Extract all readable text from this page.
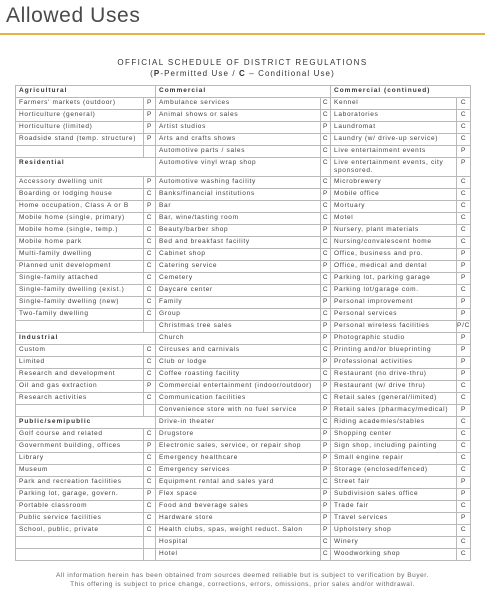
Allowed Uses
OFFICIAL SCHEDULE OF DISTRICT REGULATIONS
(P-Permitted Use / C – Conditional Use)
Agricultural		Commercial		Commercial (continued)	
Farmers' markets (outdoor)	P	Ambulance services	C	Kennel	C
Horticulture (general)	P	Animal shows or sales	C	Laboratories	C
Horticulture (limited)	P	Artist studios	P	Laundromat	C
Roadside stand (temp. structure)	P	Arts and crafts shows	C	Laundry (w/ drive-up service)	C
		Automotive parts / sales	C	Live entertainment events	P
Residential		Automotive vinyl wrap shop	C	Live entertainment events, city sponsored.	P
Accessory dwelling unit	P	Automotive washing facility	C	Microbrewery	C
Boarding or lodging house	C	Banks/financial institutions	P	Mobile office	C
Home occupation, Class A or B	P	Bar	C	Mortuary	C
Mobile home (single, primary)	C	Bar, wine/tasting room	C	Motel	C
Mobile home (single, temp.)	C	Beauty/barber shop	P	Nursery, plant materials	C
Mobile home park	C	Bed and breakfast facility	C	Nursing/convalescent home	C
Multi-family dwelling	C	Cabinet shop	C	Office, business and pro.	P
Planned unit development	C	Catering service	P	Office, medical and dental	P
Single-family attached	C	Cemetery	C	Parking lot, parking garage	P
Single-family dwelling (exist.)	C	Daycare center	C	Parking lot/garage com.	C
Single-family dwelling (new)	C	Family	P	Personal improvement	P
Two-family dwelling	C	Group	C	Personal services	P
		Christmas tree sales	P	Personal wireless facilities	P/C
Industrial		Church	P	Photographic studio	P
Custom	C	Circuses and carnivals	C	Printing and/or blueprinting	P
Limited	C	Club or lodge	P	Professional activities	P
Research and development	C	Coffee roasting facility	C	Restaurant (no drive-thru)	P
Oil and gas extraction	P	Commercial entertainment (indoor/outdoor)	P	Restaurant (w/ drive thru)	C
Research activities	C	Communication facilities	C	Retail sales (general/limited)	C
		Convenience store with no fuel service	P	Retail sales (pharmacy/medical)	P
Public/semipublic		Drive-in theater	C	Riding academies/stables	C
Golf course and related	C	Drugstore	P	Shopping center	C
Government building, offices	P	Electronic sales, service, or repair shop	P	Sign shop, including painting	C
Library	C	Emergency healthcare	P	Small engine repair	C
Museum	C	Emergency services	P	Storage (enclosed/fenced)	C
Park and recreation facilities	C	Equipment rental and sales yard	C	Street fair	P
Parking lot, garage, govern.	P	Flex space	P	Subdivision sales office	P
Portable classroom	C	Food and beverage sales	P	Trade fair	C
Public service facilities	C	Hardware store	P	Travel services	P
School, public, private	C	Health clubs, spas, weight reduct. Salon	P	Upholstery shop	C
		Hospital	C	Winery	C
		Hotel	C	Woodworking shop	C
All information herein has been obtained from sources deemed reliable but is subject to verification by Buyer.
This offering is subject to price change, corrections, errors, omissions, prior sales and/or withdrawal.
